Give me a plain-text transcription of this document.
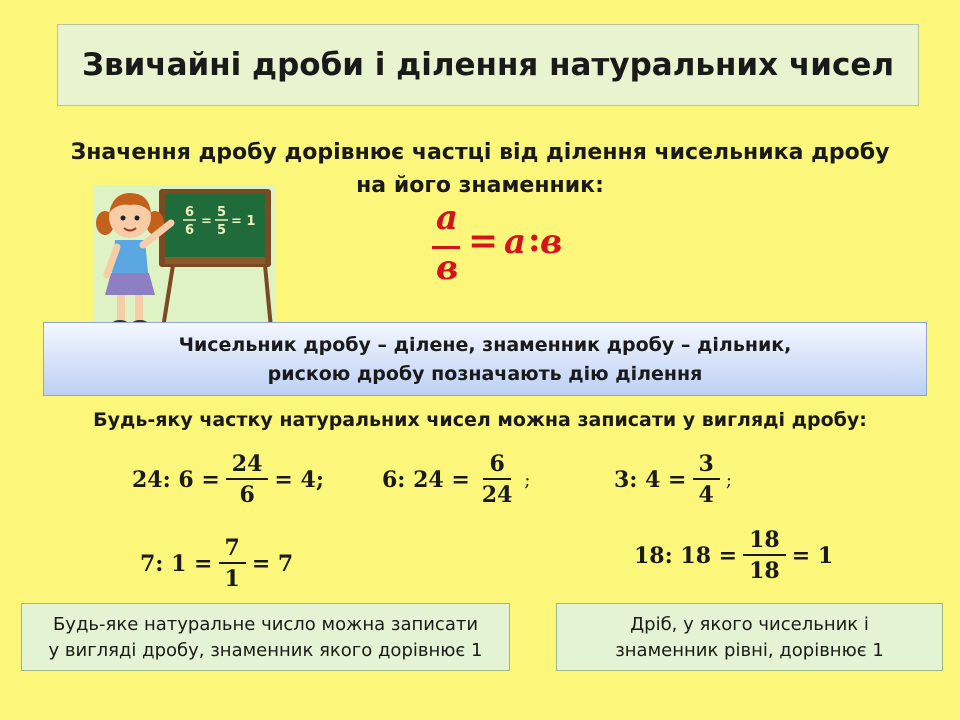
Звичайні дроби і ділення натуральних чисел
Значення дробу дорівнює частці від ділення чисельника дробу
на його знаменник:
6
=
5
6 5
= 1	а
в
= а : в
Чисельник дробу – ділене, знаменник дробу – дільник,
рискою дробу позначають дію ділення
Будь-яку частку натуральних чисел можна записати у вигляді дробу:
24: $6 = \frac{24}{6} = 4$;	6: $24 = \frac{6}{24}$ ;	3: $4 = \frac{3}{4}$ ;
7: $1 = \frac{7}{1} = 7$	18: $18 = \frac{18}{18} = 1$
Будь-яке натуральне число можна записати
у вигляді дробу, знаменник якого дорівнює 1
Дріб, у якого чисельник і
знаменник рівні, дорівнює 1
